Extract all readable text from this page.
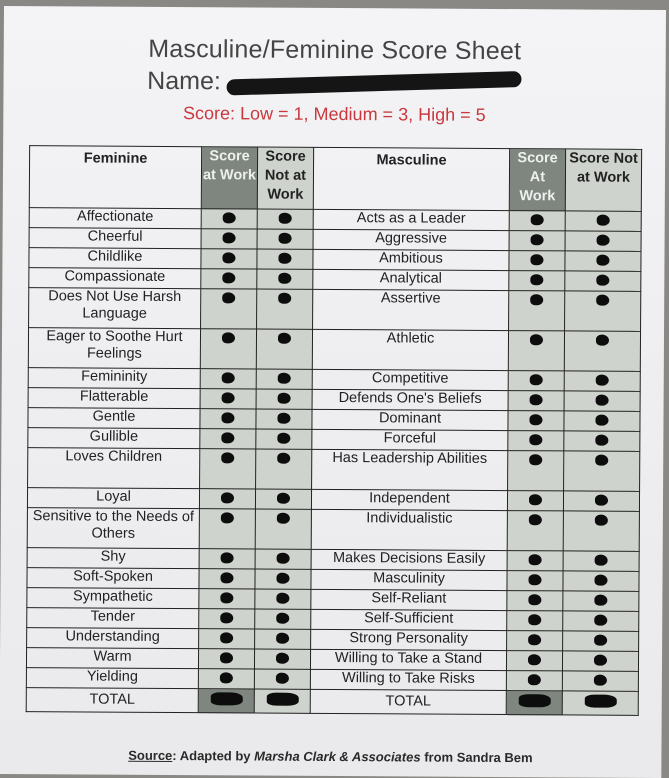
Masculine/Feminine Score Sheet
Name:
Score: Low = 1, Medium = 3, High = 5
Feminine	Score at Work	Score Not at Work	Masculine	Score At Work	Score Not at Work
Affectionate			Acts as a Leader		
Cheerful			Aggressive		
Childlike			Ambitious		
Compassionate			Analytical		
Does Not Use Harsh Language			Assertive		
Eager to Soothe Hurt Feelings			Athletic		
Femininity			Competitive		
Flatterable			Defends One's Beliefs		
Gentle			Dominant		
Gullible			Forceful		
Loves Children			Has Leadership Abilities		
Loyal			Independent		
Sensitive to the Needs of Others			Individualistic		
Shy			Makes Decisions Easily		
Soft-Spoken			Masculinity		
Sympathetic			Self-Reliant		
Tender			Self-Sufficient		
Understanding			Strong Personality		
Warm			Willing to Take a Stand		
Yielding			Willing to Take Risks		
TOTAL			TOTAL		
Source: Adapted by Marsha Clark & Associates from Sandra Bem
